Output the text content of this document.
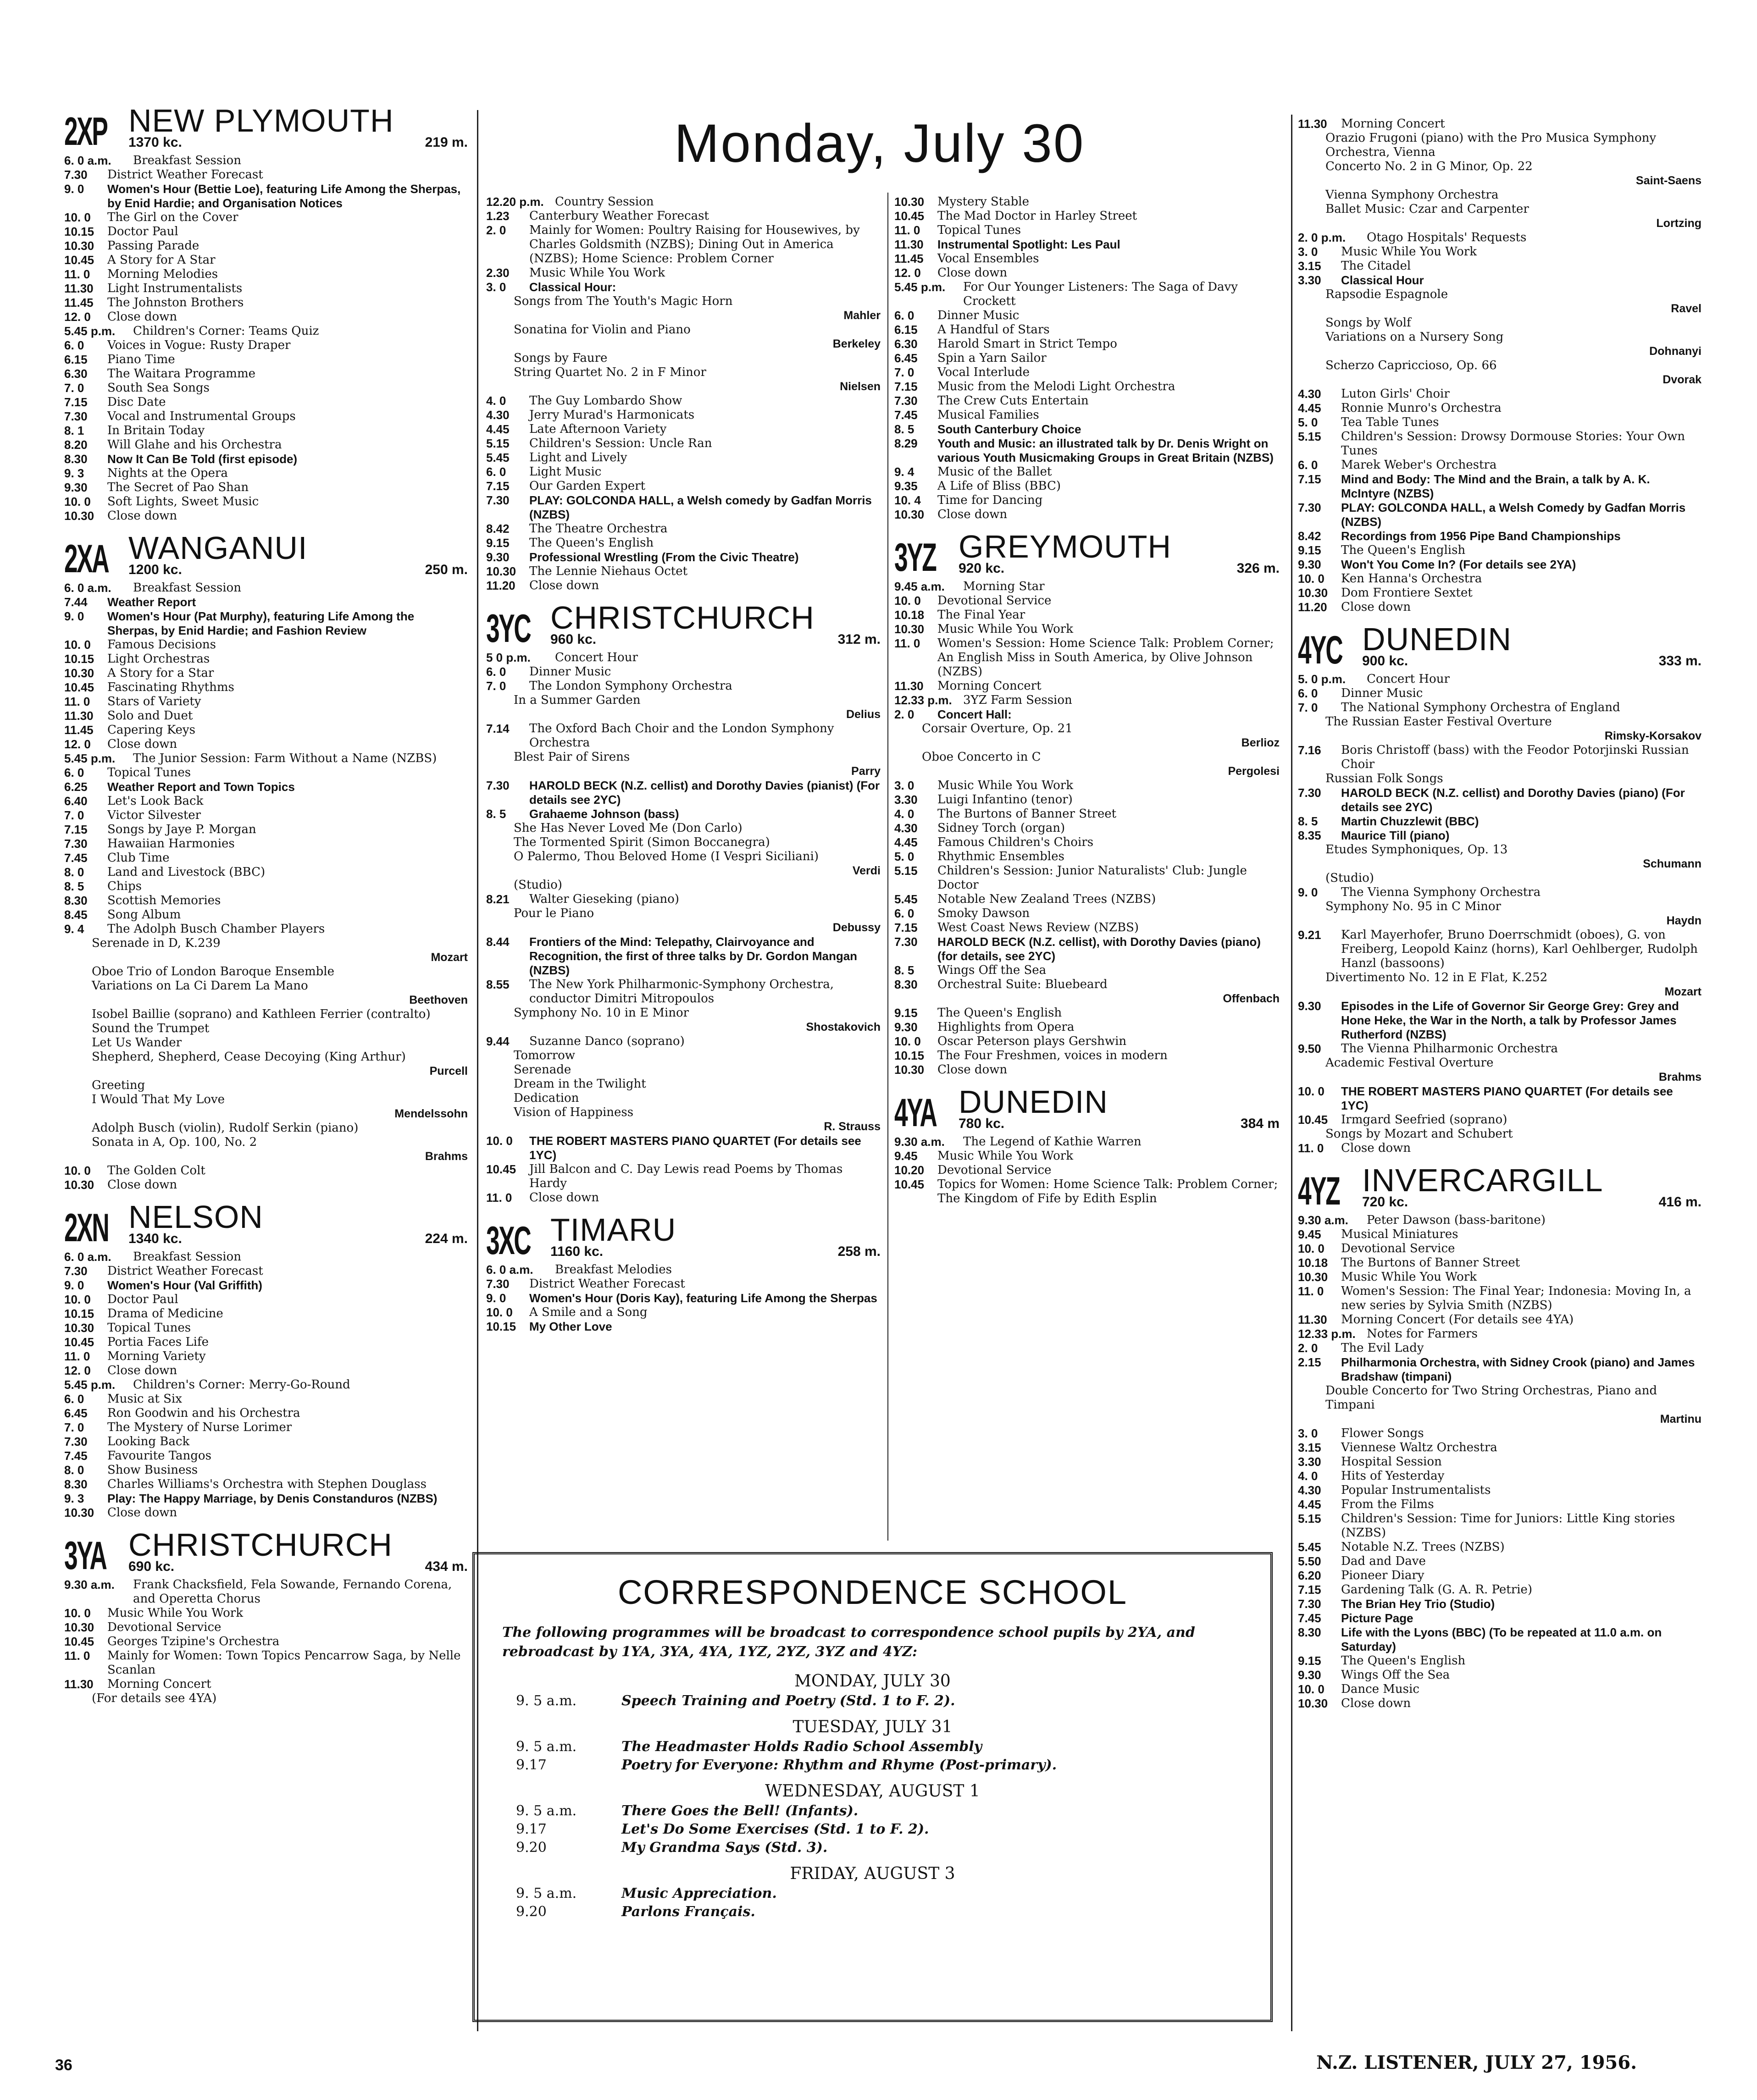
Monday, July 30
2XP NEW PLYMOUTH
1370 kc.	219 m.
6. 0 a.m.	Breakfast Session
7.30	District Weather Forecast
9. 0	Women's Hour (Bettie Loe), featuring Life Among the Sherpas, by Enid Hardie; and Organisation Notices
10. 0	The Girl on the Cover
10.15	Doctor Paul
10.30	Passing Parade
10.45	A Story for A Star
11. 0	Morning Melodies
11.30	Light Instrumentalists
11.45	The Johnston Brothers
12. 0	Close down
5.45 p.m.	Children's Corner: Teams Quiz
6. 0	Voices in Vogue: Rusty Draper
6.15	Piano Time
6.30	The Waitara Programme
7. 0	South Sea Songs
7.15	Disc Date
7.30	Vocal and Instrumental Groups
8. 1	In Britain Today
8.20	Will Glahe and his Orchestra
8.30	Now It Can Be Told (first episode)
9. 3	Nights at the Opera
9.30	The Secret of Pao Shan
10. 0	Soft Lights, Sweet Music
10.30	Close down
2XA WANGANUI
1200 kc.	250 m.
6. 0 a.m.	Breakfast Session
7.44	Weather Report
9. 0	Women's Hour (Pat Murphy), featuring Life Among the Sherpas, by Enid Hardie; and Fashion Review
10. 0	Famous Decisions
10.15	Light Orchestras
10.30	A Story for a Star
10.45	Fascinating Rhythms
11. 0	Stars of Variety
11.30	Solo and Duet
11.45	Capering Keys
12. 0	Close down
5.45 p.m.	The Junior Session: Farm Without a Name (NZBS)
6. 0	Topical Tunes
6.25	Weather Report and Town Topics
6.40	Let's Look Back
7. 0	Victor Silvester
7.15	Songs by Jaye P. Morgan
7.30	Hawaiian Harmonies
7.45	Club Time
8. 0	Land and Livestock (BBC)
8. 5	Chips
8.30	Scottish Memories
8.45	Song Album
9. 4	The Adolph Busch Chamber Players
Serenade in D, K.239
Mozart
Oboe Trio of London Baroque Ensemble
Variations on La Ci Darem La Mano
Beethoven
Isobel Baillie (soprano) and Kathleen Ferrier (contralto)
Sound the Trumpet
Let Us Wander
Shepherd, Shepherd, Cease Decoying (King Arthur)
Purcell
Greeting
I Would That My Love
Mendelssohn
Adolph Busch (violin), Rudolf Serkin (piano)
Sonata in A, Op. 100, No. 2
Brahms
10. 0	The Golden Colt
10.30	Close down
2XN NELSON
1340 kc.	224 m.
6. 0 a.m.	Breakfast Session
7.30	District Weather Forecast
9. 0	Women's Hour (Val Griffith)
10. 0	Doctor Paul
10.15	Drama of Medicine
10.30	Topical Tunes
10.45	Portia Faces Life
11. 0	Morning Variety
12. 0	Close down
5.45 p.m.	Children's Corner: Merry-Go-Round
6. 0	Music at Six
6.45	Ron Goodwin and his Orchestra
7. 0	The Mystery of Nurse Lorimer
7.30	Looking Back
7.45	Favourite Tangos
8. 0	Show Business
8.30	Charles Williams's Orchestra with Stephen Douglass
9. 3	Play: The Happy Marriage, by Denis Constanduros (NZBS)
10.30	Close down
3YA CHRISTCHURCH
690 kc.	434 m.
9.30 a.m.	Frank Chacksfield, Fela Sowande, Fernando Corena, and Operetta Chorus
10. 0	Music While You Work
10.30	Devotional Service
10.45	Georges Tzipine's Orchestra
11. 0	Mainly for Women: Town Topics Pencarrow Saga, by Nelle Scanlan
11.30	Morning Concert
(For details see 4YA)
12.20 p.m. Country Session
1.23	Canterbury Weather Forecast
2. 0	Mainly for Women: Poultry Raising for Housewives, by Charles Goldsmith (NZBS); Dining Out in America (NZBS); Home Science: Problem Corner
2.30	Music While You Work
3. 0	Classical Hour:
Songs from The Youth's Magic Horn
Mahler
Sonatina for Violin and Piano
Berkeley
Songs by Faure
String Quartet No. 2 in F Minor
Nielsen
4. 0	The Guy Lombardo Show
4.30	Jerry Murad's Harmonicats
4.45	Late Afternoon Variety
5.15	Children's Session: Uncle Ran
5.45	Light and Lively
6. 0	Light Music
7.15	Our Garden Expert
7.30	PLAY: GOLCONDA HALL, a Welsh comedy by Gadfan Morris (NZBS)
8.42	The Theatre Orchestra
9.15	The Queen's English
9.30	Professional Wrestling (From the Civic Theatre)
10.30	The Lennie Niehaus Octet
11.20	Close down
3YC CHRISTCHURCH
960 kc.	312 m.
5 0 p.m.	Concert Hour
6. 0	Dinner Music
7. 0	The London Symphony Orchestra
In a Summer Garden
Delius
7.14	The Oxford Bach Choir and the London Symphony Orchestra
Blest Pair of Sirens
Parry
7.30	HAROLD BECK (N.Z. cellist) and Dorothy Davies (pianist) (For details see 2YC)
8. 5	Grahaeme Johnson (bass)
She Has Never Loved Me (Don Carlo)
The Tormented Spirit (Simon Boccanegra)
O Palermo, Thou Beloved Home (I Vespri Siciliani)
Verdi
(Studio)
8.21	Walter Gieseking (piano)
Pour le Piano
Debussy
8.44	Frontiers of the Mind: Telepathy, Clairvoyance and Recognition, the first of three talks by Dr. Gordon Mangan (NZBS)
8.55	The New York Philharmonic-Symphony Orchestra, conductor Dimitri Mitropoulos
Symphony No. 10 in E Minor
Shostakovich
9.44	Suzanne Danco (soprano)
Tomorrow
Serenade
Dream in the Twilight
Dedication
Vision of Happiness
R. Strauss
10. 0	THE ROBERT MASTERS PIANO QUARTET (For details see 1YC)
10.45	Jill Balcon and C. Day Lewis read Poems by Thomas Hardy
11. 0	Close down
3XC TIMARU
1160 kc.	258 m.
6. 0 a.m.	Breakfast Melodies
7.30	District Weather Forecast
9. 0	Women's Hour (Doris Kay), featuring Life Among the Sherpas
10. 0	A Smile and a Song
10.15	My Other Love
10.30	Mystery Stable
10.45	The Mad Doctor in Harley Street
11. 0	Topical Tunes
11.30	Instrumental Spotlight: Les Paul
11.45	Vocal Ensembles
12. 0	Close down
5.45 p.m.	For Our Younger Listeners: The Saga of Davy Crockett
6. 0	Dinner Music
6.15	A Handful of Stars
6.30	Harold Smart in Strict Tempo
6.45	Spin a Yarn Sailor
7. 0	Vocal Interlude
7.15	Music from the Melodi Light Orchestra
7.30	The Crew Cuts Entertain
7.45	Musical Families
8. 5	South Canterbury Choice
8.29	Youth and Music: an illustrated talk by Dr. Denis Wright on various Youth Musicmaking Groups in Great Britain (NZBS)
9. 4	Music of the Ballet
9.35	A Life of Bliss (BBC)
10. 4	Time for Dancing
10.30	Close down
3YZ GREYMOUTH
920 kc.	326 m.
9.45 a.m.	Morning Star
10. 0	Devotional Service
10.18	The Final Year
10.30	Music While You Work
11. 0	Women's Session: Home Science Talk: Problem Corner; An English Miss in South America, by Olive Johnson (NZBS)
11.30	Morning Concert
12.33 p.m. 3YZ Farm Session
2. 0	Concert Hall:
Corsair Overture, Op. 21
Berlioz
Oboe Concerto in C
Pergolesi
3. 0	Music While You Work
3.30	Luigi Infantino (tenor)
4. 0	The Burtons of Banner Street
4.30	Sidney Torch (organ)
4.45	Famous Children's Choirs
5. 0	Rhythmic Ensembles
5.15	Children's Session: Junior Naturalists' Club: Jungle Doctor
5.45	Notable New Zealand Trees (NZBS)
6. 0	Smoky Dawson
7.15	West Coast News Review (NZBS)
7.30	HAROLD BECK (N.Z. cellist), with Dorothy Davies (piano) (for details, see 2YC)
8. 5	Wings Off the Sea
8.30	Orchestral Suite: Bluebeard
Offenbach
9.15	The Queen's English
9.30	Highlights from Opera
10. 0	Oscar Peterson plays Gershwin
10.15	The Four Freshmen, voices in modern
10.30	Close down
4YA DUNEDIN
780 kc.	384 m
9.30 a.m.	The Legend of Kathie Warren
9.45	Music While You Work
10.20	Devotional Service
10.45	Topics for Women: Home Science Talk: Problem Corner; The Kingdom of Fife by Edith Esplin
11.30	Morning Concert
Orazio Frugoni (piano) with the Pro Musica Symphony Orchestra, Vienna
Concerto No. 2 in G Minor, Op. 22
Saint-Saens
Vienna Symphony Orchestra
Ballet Music: Czar and Carpenter
Lortzing
2. 0 p.m.	Otago Hospitals' Requests
3. 0	Music While You Work
3.15	The Citadel
3.30	Classical Hour
Rapsodie Espagnole
Ravel
Songs by Wolf
Variations on a Nursery Song
Dohnanyi
Scherzo Capriccioso, Op. 66
Dvorak
4.30	Luton Girls' Choir
4.45	Ronnie Munro's Orchestra
5. 0	Tea Table Tunes
5.15	Children's Session: Drowsy Dormouse Stories: Your Own Tunes
6. 0	Marek Weber's Orchestra
7.15	Mind and Body: The Mind and the Brain, a talk by A. K. McIntyre (NZBS)
7.30	PLAY: GOLCONDA HALL, a Welsh Comedy by Gadfan Morris (NZBS)
8.42	Recordings from 1956 Pipe Band Championships
9.15	The Queen's English
9.30	Won't You Come In? (For details see 2YA)
10. 0	Ken Hanna's Orchestra
10.30	Dom Frontiere Sextet
11.20	Close down
4YC DUNEDIN
900 kc.	333 m.
5. 0 p.m.	Concert Hour
6. 0	Dinner Music
7. 0	The National Symphony Orchestra of England
The Russian Easter Festival Overture
Rimsky-Korsakov
7.16	Boris Christoff (bass) with the Feodor Potorjinski Russian Choir
Russian Folk Songs
7.30	HAROLD BECK (N.Z. cellist) and Dorothy Davies (piano) (For details see 2YC)
8. 5	Martin Chuzzlewit (BBC)
8.35	Maurice Till (piano)
Etudes Symphoniques, Op. 13
Schumann
(Studio)
9. 0	The Vienna Symphony Orchestra
Symphony No. 95 in C Minor
Haydn
9.21	Karl Mayerhofer, Bruno Doerrschmidt (oboes), G. von Freiberg, Leopold Kainz (horns), Karl Oehlberger, Rudolph Hanzl (bassoons)
Divertimento No. 12 in E Flat, K.252
Mozart
9.30	Episodes in the Life of Governor Sir George Grey: Grey and Hone Heke, the War in the North, a talk by Professor James Rutherford (NZBS)
9.50	The Vienna Philharmonic Orchestra
Academic Festival Overture
Brahms
10. 0	THE ROBERT MASTERS PIANO QUARTET (For details see 1YC)
10.45	Irmgard Seefried (soprano)
Songs by Mozart and Schubert
11. 0	Close down
4YZ INVERCARGILL
720 kc.	416 m.
9.30 a.m.	Peter Dawson (bass-baritone)
9.45	Musical Miniatures
10. 0	Devotional Service
10.18	The Burtons of Banner Street
10.30	Music While You Work
11. 0	Women's Session: The Final Year; Indonesia: Moving In, a new series by Sylvia Smith (NZBS)
11.30	Morning Concert (For details see 4YA)
12.33 p.m. Notes for Farmers
2. 0	The Evil Lady
2.15	Philharmonia Orchestra, with Sidney Crook (piano) and James Bradshaw (timpani)
Double Concerto for Two String Orchestras, Piano and Timpani
Martinu
3. 0	Flower Songs
3.15	Viennese Waltz Orchestra
3.30	Hospital Session
4. 0	Hits of Yesterday
4.30	Popular Instrumentalists
4.45	From the Films
5.15	Children's Session: Time for Juniors: Little King stories (NZBS)
5.45	Notable N.Z. Trees (NZBS)
5.50	Dad and Dave
6.20	Pioneer Diary
7.15	Gardening Talk (G. A. R. Petrie)
7.30	The Brian Hey Trio (Studio)
7.45	Picture Page
8.30	Life with the Lyons (BBC) (To be repeated at 11.0 a.m. on Saturday)
9.15	The Queen's English
9.30	Wings Off the Sea
10. 0	Dance Music
10.30	Close down
CORRESPONDENCE SCHOOL
The following programmes will be broadcast to correspondence school pupils by 2YA, and rebroadcast by 1YA, 3YA, 4YA, 1YZ, 2YZ, 3YZ and 4YZ:
MONDAY, JULY 30
9. 5 a.m.	Speech Training and Poetry (Std. 1 to F. 2).
TUESDAY, JULY 31
9. 5 a.m.	The Headmaster Holds Radio School Assembly
9.17	Poetry for Everyone: Rhythm and Rhyme (Post-primary).
WEDNESDAY, AUGUST 1
9. 5 a.m.	There Goes the Bell! (Infants).
9.17	Let's Do Some Exercises (Std. 1 to F. 2).
9.20	My Grandma Says (Std. 3).
FRIDAY, AUGUST 3
9. 5 a.m.	Music Appreciation.
9.20	Parlons Français.
36	N.Z. LISTENER, JULY 27, 1956.
